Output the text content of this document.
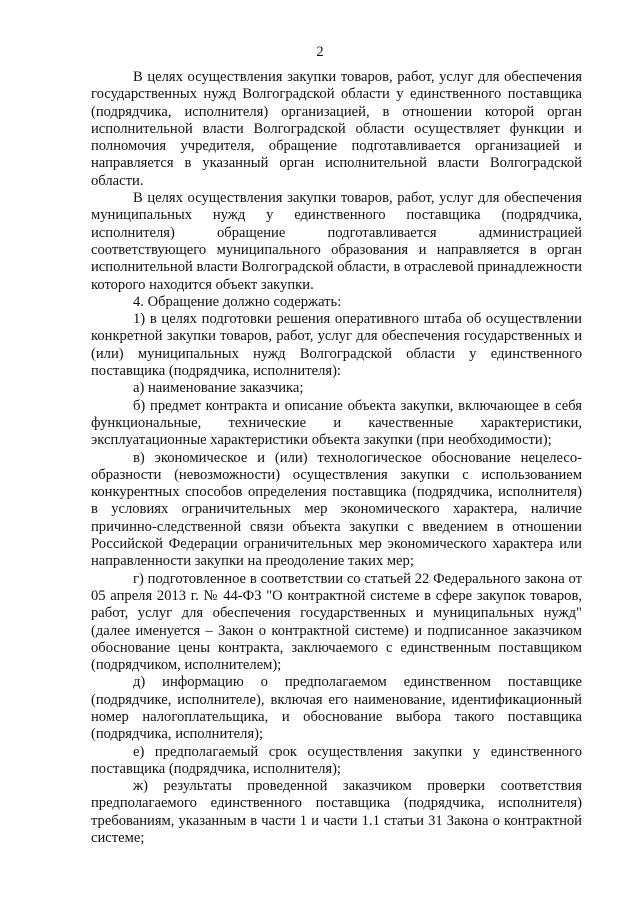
2

В целях осуществления закупки товаров, работ, услуг для обеспечения государственных нужд Волгоградской области у единственного поставщика (подрядчика, исполнителя) организацией, в отношении которой орган исполнительной власти Волгоградской области осуществляет функции и полномочия учредителя, обращение подготавливается организацией и направляется в указанный орган исполнительной власти Волгоградской области.

В целях осуществления закупки товаров, работ, услуг для обеспечения муниципальных нужд у единственного поставщика (подрядчика, исполнителя) обращение подготавливается администрацией соответствующего муниципального образования и направляется в орган исполнительной власти Волгоградской области, в отраслевой принадлежности которого находится объект закупки.

4. Обращение должно содержать:

1) в целях подготовки решения оперативного штаба об осуществлении конкретной закупки товаров, работ, услуг для обеспечения государственных и (или) муниципальных нужд Волгоградской области у единственного поставщика (подрядчика, исполнителя):

а) наименование заказчика;

б) предмет контракта и описание объекта закупки, включающее в себя функциональные, технические и качественные характеристики, эксплуатационные характеристики объекта закупки (при необходимости);

в) экономическое и (или) технологическое обоснование нецелесообразности (невозможности) осуществления закупки с использованием конкурентных способов определения поставщика (подрядчика, исполнителя) в условиях ограничительных мер экономического характера, наличие причинно-следственной связи объекта закупки с введением в отношении Российской Федерации ограничительных мер экономического характера или направленности закупки на преодоление таких мер;

г) подготовленное в соответствии со статьей 22 Федерального закона от 05 апреля 2013 г. № 44-ФЗ "О контрактной системе в сфере закупок товаров, работ, услуг для обеспечения государственных и муниципальных нужд" (далее именуется – Закон о контрактной системе) и подписанное заказчиком обоснование цены контракта, заключаемого с единственным поставщиком (подрядчиком, исполнителем);

д) информацию о предполагаемом единственном поставщике (подрядчике, исполнителе), включая его наименование, идентификационный номер налогоплательщика, и обоснование выбора такого поставщика (подрядчика, исполнителя);

е) предполагаемый срок осуществления закупки у единственного поставщика (подрядчика, исполнителя);

ж) результаты проведенной заказчиком проверки соответствия предполагаемого единственного поставщика (подрядчика, исполнителя) требованиям, указанным в части 1 и части 1.1 статьи 31 Закона о контрактной системе;
